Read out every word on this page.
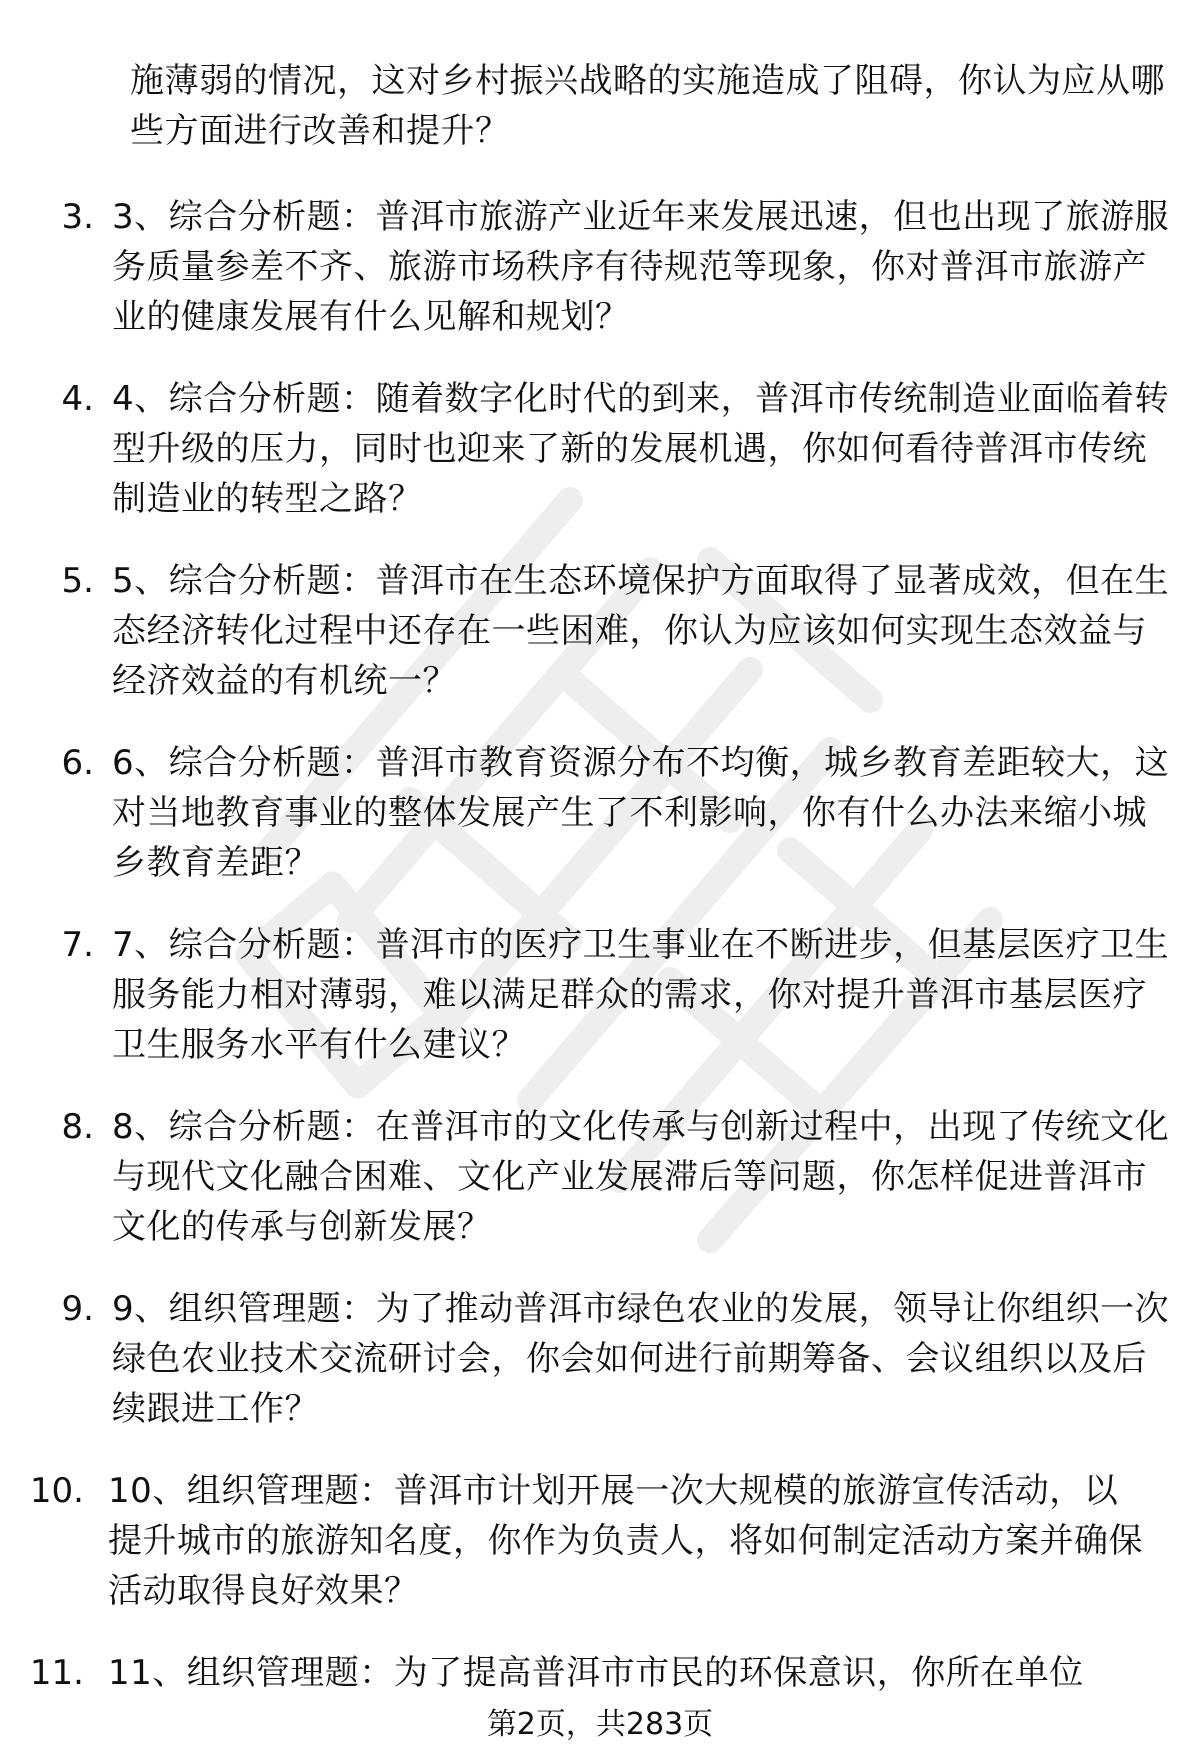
施薄弱的情况，这对乡村振兴战略的实施造成了阻碍，你认为应从哪些方面进行改善和提升？
3. 3、综合分析题：普洱市旅游产业近年来发展迅速，但也出现了旅游服务质量参差不齐、旅游市场秩序有待规范等现象，你对普洱市旅游产业的健康发展有什么见解和规划？
4. 4、综合分析题：随着数字化时代的到来，普洱市传统制造业面临着转型升级的压力，同时也迎来了新的发展机遇，你如何看待普洱市传统制造业的转型之路？
5. 5、综合分析题：普洱市在生态环境保护方面取得了显著成效，但在生态经济转化过程中还存在一些困难，你认为应该如何实现生态效益与经济效益的有机统一？
6. 6、综合分析题：普洱市教育资源分布不均衡，城乡教育差距较大，这对当地教育事业的整体发展产生了不利影响，你有什么办法来缩小城乡教育差距？
7. 7、综合分析题：普洱市的医疗卫生事业在不断进步，但基层医疗卫生服务能力相对薄弱，难以满足群众的需求，你对提升普洱市基层医疗卫生服务水平有什么建议？
8. 8、综合分析题：在普洱市的文化传承与创新过程中，出现了传统文化与现代文化融合困难、文化产业发展滞后等问题，你怎样促进普洱市文化的传承与创新发展？
9. 9、组织管理题：为了推动普洱市绿色农业的发展，领导让你组织一次绿色农业技术交流研讨会，你会如何进行前期筹备、会议组织以及后续跟进工作？
10. 10、组织管理题：普洱市计划开展一次大规模的旅游宣传活动，以提升城市的旅游知名度，你作为负责人，将如何制定活动方案并确保活动取得良好效果？
11. 11、组织管理题：为了提高普洱市市民的环保意识，你所在单位
第2页，共283页
